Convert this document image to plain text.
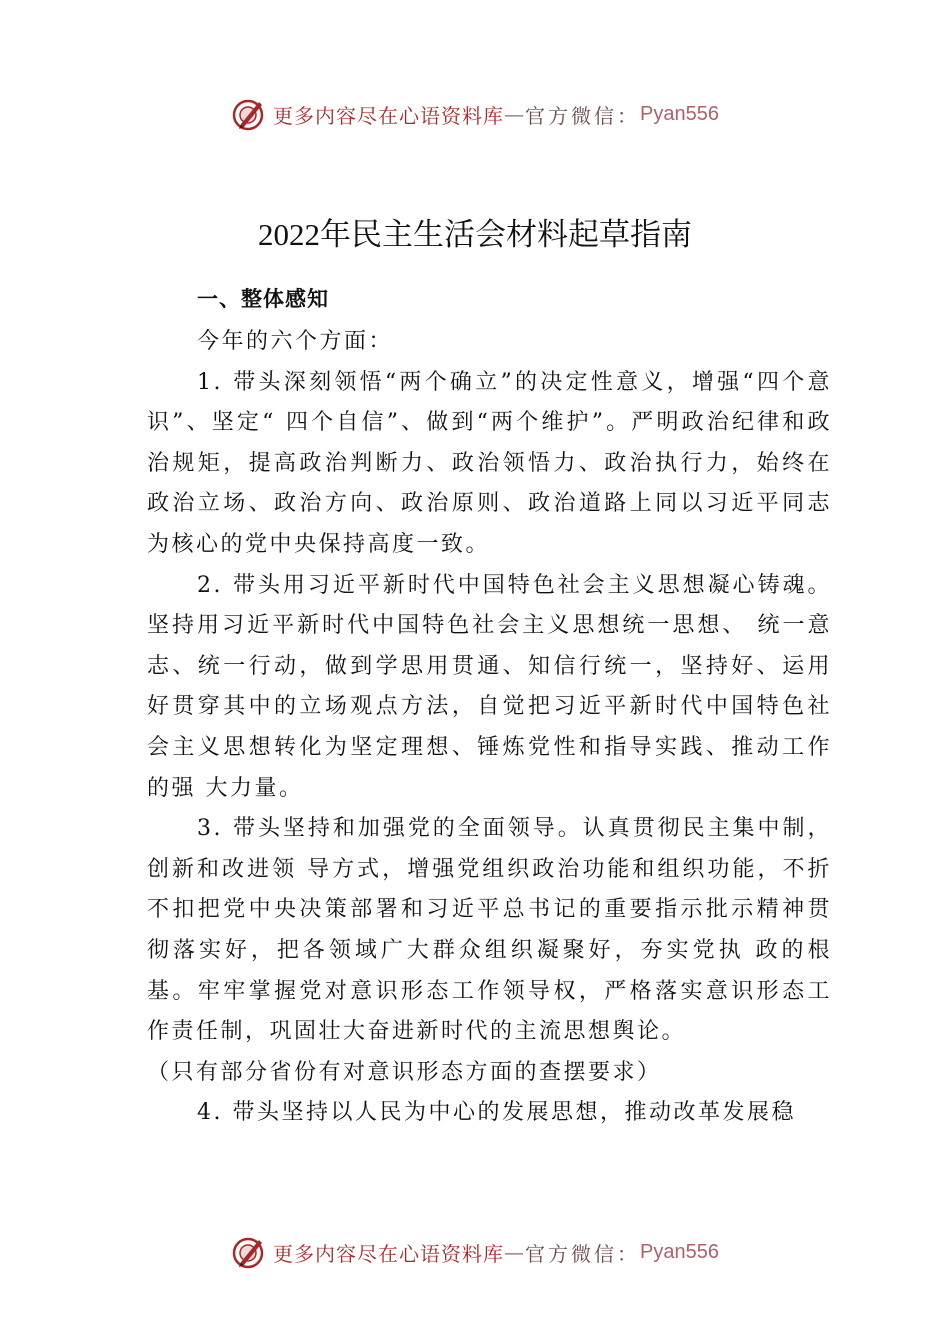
更多内容尽在心语资料库 — 官方微信： Pyan556
2022年民主生活会材料起草指南

一、整体感知

今年的六个方面：

1. 带头深刻领悟“两个确立”的决定性意义，增强“四个意识”、坚定“ 四个自信”、做到“两个维护”。严明政治纪律和政治规矩，提高政治判断力、政治领悟力、政治执行力，始终在政治立场、政治方向、政治原则、政治道路上同以习近平同志为核心的党中央保持高度一致。

2. 带头用习近平新时代中国特色社会主义思想凝心铸魂。坚持用习近平新时代中国特色社会主义思想统一思想、 统一意志、统一行动，做到学思用贯通、知信行统一，坚持好、运用好贯穿其中的立场观点方法，自觉把习近平新时代中国特色社会主义思想转化为坚定理想、锤炼党性和指导实践、推动工作的强 大力量。

3. 带头坚持和加强党的全面领导。认真贯彻民主集中制，创新和改进领 导方式，增强党组织政治功能和组织功能，不折不扣把党中央决策部署和习近平总书记的重要指示批示精神贯彻落实好，把各领域广大群众组织凝聚好，夯实党执 政的根基。牢牢掌握党对意识形态工作领导权，严格落实意识形态工作责任制，巩固壮大奋进新时代的主流思想舆论。

（只有部分省份有对意识形态方面的查摆要求）

4. 带头坚持以人民为中心的发展思想，推动改革发展稳

更多内容尽在心语资料库 — 官方微信： Pyan556
